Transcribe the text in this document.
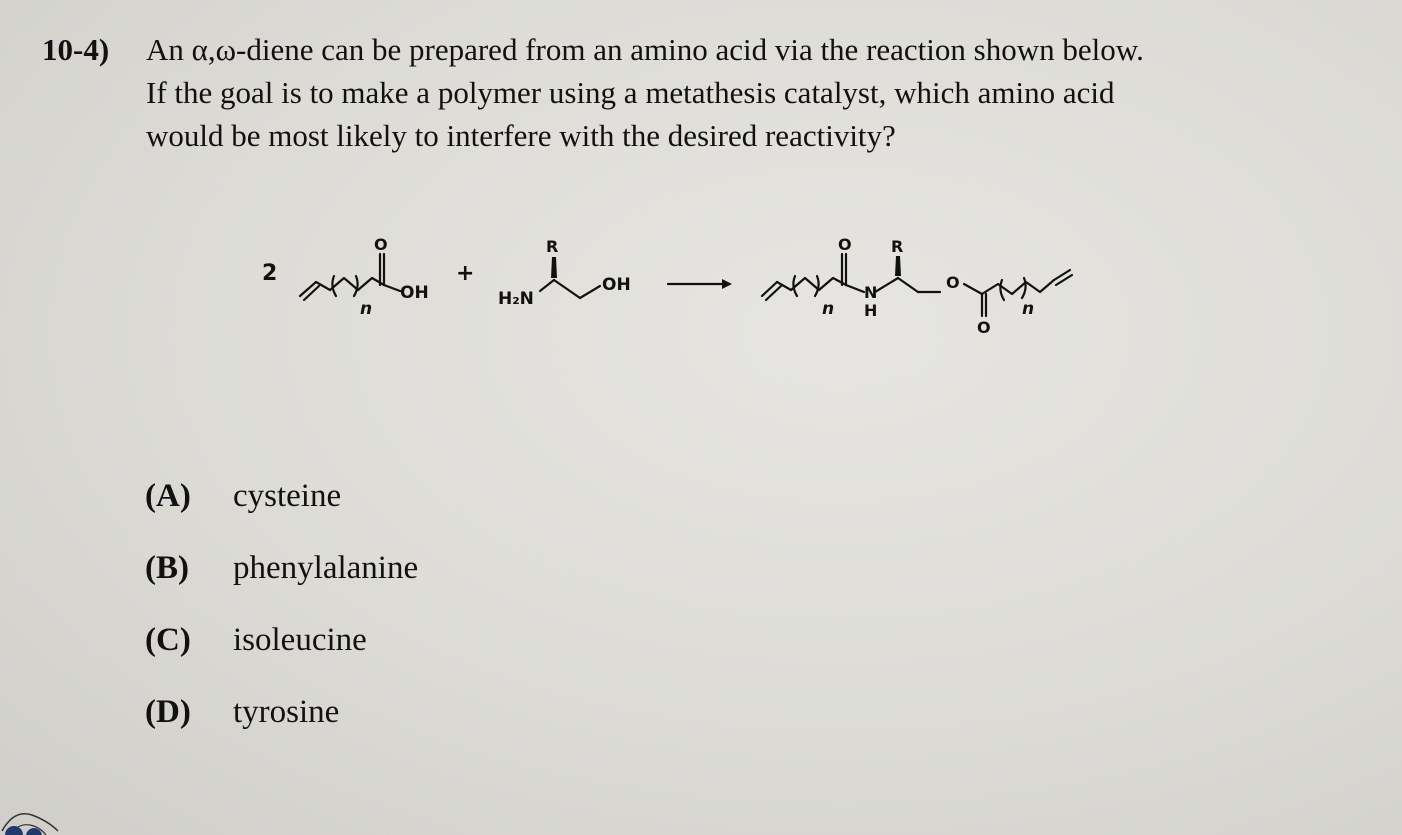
10-4) An α,ω-diene can be prepared from an amino acid via the reaction shown below.
If the goal is to make a polymer using a metathesis catalyst, which amino acid
would be most likely to interfere with the desired reactivity?
2
O
OH
n
+
R
H₂N
OH
O R
n
N
H
O
O
n
(A) cysteine
(B) phenylalanine
(C) isoleucine
(D) tyrosine
